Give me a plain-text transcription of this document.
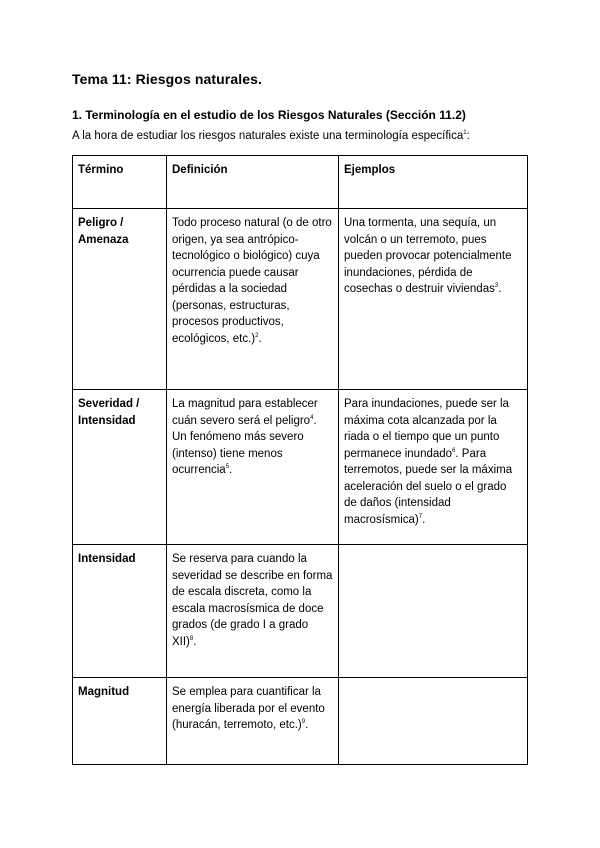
Tema 11: Riesgos naturales.
1. Terminología en el estudio de los Riesgos Naturales (Sección 11.2)
A la hora de estudiar los riesgos naturales existe una terminología específica$^1$:
Término	Definición	Ejemplos
Peligro / Amenaza	Todo proceso natural (o de otro origen, ya sea antrópico-tecnológico o biológico) cuya ocurrencia puede causar pérdidas a la sociedad (personas, estructuras, procesos productivos, ecológicos, etc.)$^2$.	Una tormenta, una sequía, un volcán o un terremoto, pues pueden provocar potencialmente inundaciones, pérdida de cosechas o destruir viviendas$^3$.
Severidad / Intensidad	La magnitud para establecer cuán severo será el peligro$^4$. Un fenómeno más severo (intenso) tiene menos ocurrencia$^5$.	Para inundaciones, puede ser la máxima cota alcanzada por la riada o el tiempo que un punto permanece inundado$^6$. Para terremotos, puede ser la máxima aceleración del suelo o el grado de daños (intensidad macrosísmica)$^7$.
Intensidad	Se reserva para cuando la severidad se describe en forma de escala discreta, como la escala macrosísmica de doce grados (de grado I a grado XII)$^8$.	
Magnitud	Se emplea para cuantificar la energía liberada por el evento (huracán, terremoto, etc.)$^9$.	
